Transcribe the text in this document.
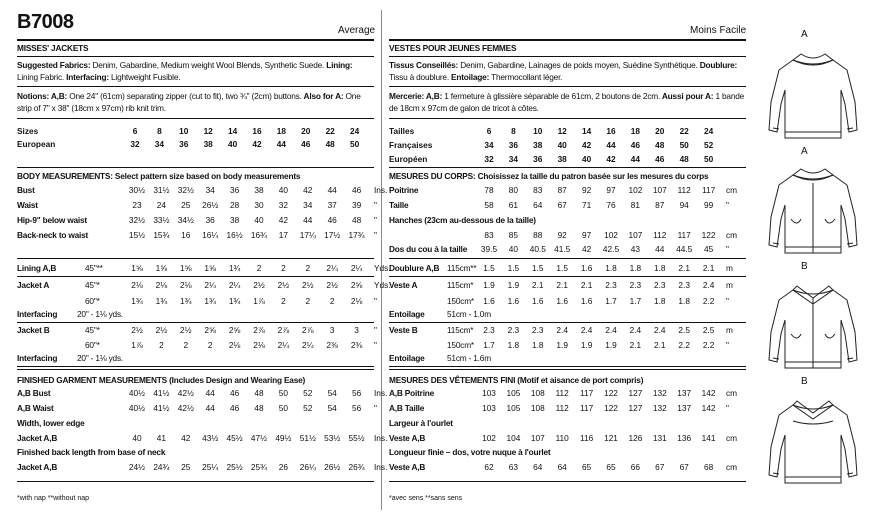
B7008	Average	Moins Facile
MISSES' JACKETS
Suggested Fabrics: Denim, Gabardine, Medium weight Wool Blends, Synthetic Suede. Lining:
Lining Fabric. Interfacing: Lightweight Fusible.
Notions: A,B: One 24" (61cm) separating zipper (cut to fit), two ¾" (2cm) buttons. Also for A: One
strip of 7" x 38" (18cm x 97cm) rib knit trim.
Sizes	6	8	10	12	14	16	18	20	22	24
European	32	34	36	38	40	42	44	46	48	50
BODY MEASUREMENTS: Select pattern size based on body measurements
Bust	30½ 31½ 32½	34	36	38	40	42	44	46	Ins.
Waist	23	24	25	26½	28	30	32	34	37	39	"
Hip-9" below waist	32½ 33½ 34½	36	38	40	42	44	46	48	"
Back-neck to waist	15½ 15¾	16	16¼ 16½ 16¾	17	17¼ 17½ 17¾	"
Lining A,B	45"**	1⅝	1⅝	1⅝	1⅝	1¾	2	2	2	2¼	2¼	Yds.
Jacket A	45"*	2⅛	2⅛	2⅛	2¼	2¼	2½	2½	2½	2½	2⅝	Yds.
60"*	1¾	1¾	1¾	1¾	1¾	1⅞	2	2	2	2⅛	"
Interfacing 20" - 1⅛ yds.
Jacket B	45"*	2½	2½	2½	2⅝	2⅝	2⅞	2⅞	2⅞	3	3	"
60"*	1⅞	2	2	2	2⅛	2⅛	2¼	2¼	2⅜	2⅜	"
Interfacing 20" - 1⅛ yds.
FINISHED GARMENT MEASUREMENTS (Includes Design and Wearing Ease)
A,B Bust	40½ 41½ 42½	44	46	48	50	52	54	56	Ins.
A,B Waist	40½ 41½ 42½	44	46	48	50	52	54	56	"
Width, lower edge
Jacket A,B	40	41	42	43½ 45½ 47½ 49½ 51½ 53½ 55½	Ins.
Finished back length from base of neck
Jacket A,B	24½ 24¾	25	25¼ 25½ 25¾	26	26¼ 26½ 26¾	Ins.
*with nap **without nap
VESTES POUR JEUNES FEMMES
Tissus Conseillés: Denim, Gabardine, Lainages de poids moyen, Suédine Synthétique. Doublure:
Tissu à doublure. Entoilage: Thermocollant léger.
Mercerie: A,B: 1 fermeture à glissière séparable de 61cm, 2 boutons de 2cm. Aussi pour A: 1 bande
de 18cm x 97cm de galon de tricot à côtes.
Tailles	6	8	10	12	14	16	18	20	22	24
Françaises	34	36	38	40	42	44	46	48	50	52
Européen	32	34	36	38	40	42	44	46	48	50
MESURES DU CORPS: Choisissez la taille du patron basée sur les mesures du corps
Poitrine	78	80	83	87	92	97	102	107	112	117	cm
Taille	58	61	64	67	71	76	81	87	94	99	"
Hanches (23cm au-dessous de la taille)
83	85	88	92	97	102	107	112	117	122	cm
Dos du cou à la taille	39.5	40	40.5 41.5	42	42.5	43	44	44.5	45	"
Doublure A,B 115cm** 1.5	1.5	1.5	1.5	1.6	1.8	1.8	1.8	2.1	2.1	m
Veste A	115cm*	1.9	1.9	2.1	2.1	2.1	2.3	2.3	2.3	2.3	2.4	m
150cm*	1.6	1.6	1.6	1.6	1.6	1.7	1.7	1.8	1.8	2.2	"
Entoilage	51cm - 1.0m
Veste B	115cm*	2.3	2.3	2.3	2.4	2.4	2.4	2.4	2.4	2.5	2.5	m
150cm*	1.7	1.8	1.8	1.9	1.9	1.9	2.1	2.1	2.2	2.2	"
Entoilage	51cm - 1.6m
MESURES DES VÊTEMENTS FINI (Motif et aisance de port compris)
A,B Poitrine	103	105	108	112	117	122	127	132	137	142	cm
A,B Taille	103	105	108	112	117	122	127	132	137	142	"
Largeur à l'ourlet
Veste A,B	102	104	107	110	116	121	126	131	136	141	cm
Longueur finie – dos, votre nuque à l'ourlet
Veste A,B	62	63	64	64	65	65	66	67	67	68	cm
*avec sens **sans sens
A
A
B
B
